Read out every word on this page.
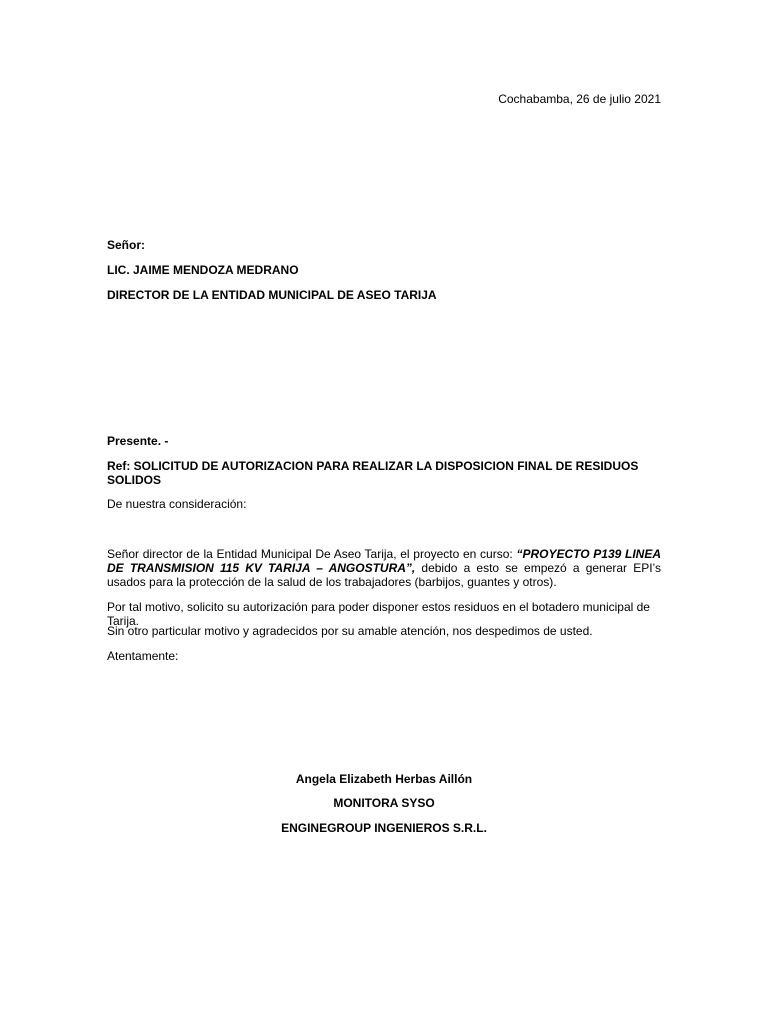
Cochabamba, 26 de julio 2021
Señor:
LIC. JAIME MENDOZA MEDRANO
DIRECTOR DE LA ENTIDAD MUNICIPAL DE ASEO TARIJA
Presente. -
Ref: SOLICITUD DE AUTORIZACION PARA REALIZAR LA DISPOSICION FINAL DE RESIDUOS SOLIDOS
De nuestra consideración:
Señor director de la Entidad Municipal De Aseo Tarija, el proyecto en curso: “PROYECTO P139 LINEA DE TRANSMISION 115 KV TARIJA – ANGOSTURA”, debido a esto se empezó a generar EPI’s usados para la protección de la salud de los trabajadores (barbijos, guantes y otros).
Por tal motivo, solicito su autorización para poder disponer estos residuos en el botadero municipal de Tarija.
Sin otro particular motivo y agradecidos por su amable atención, nos despedimos de usted.
Atentamente:
Angela Elizabeth Herbas Aillón
MONITORA SYSO
ENGINEGROUP INGENIEROS S.R.L.
